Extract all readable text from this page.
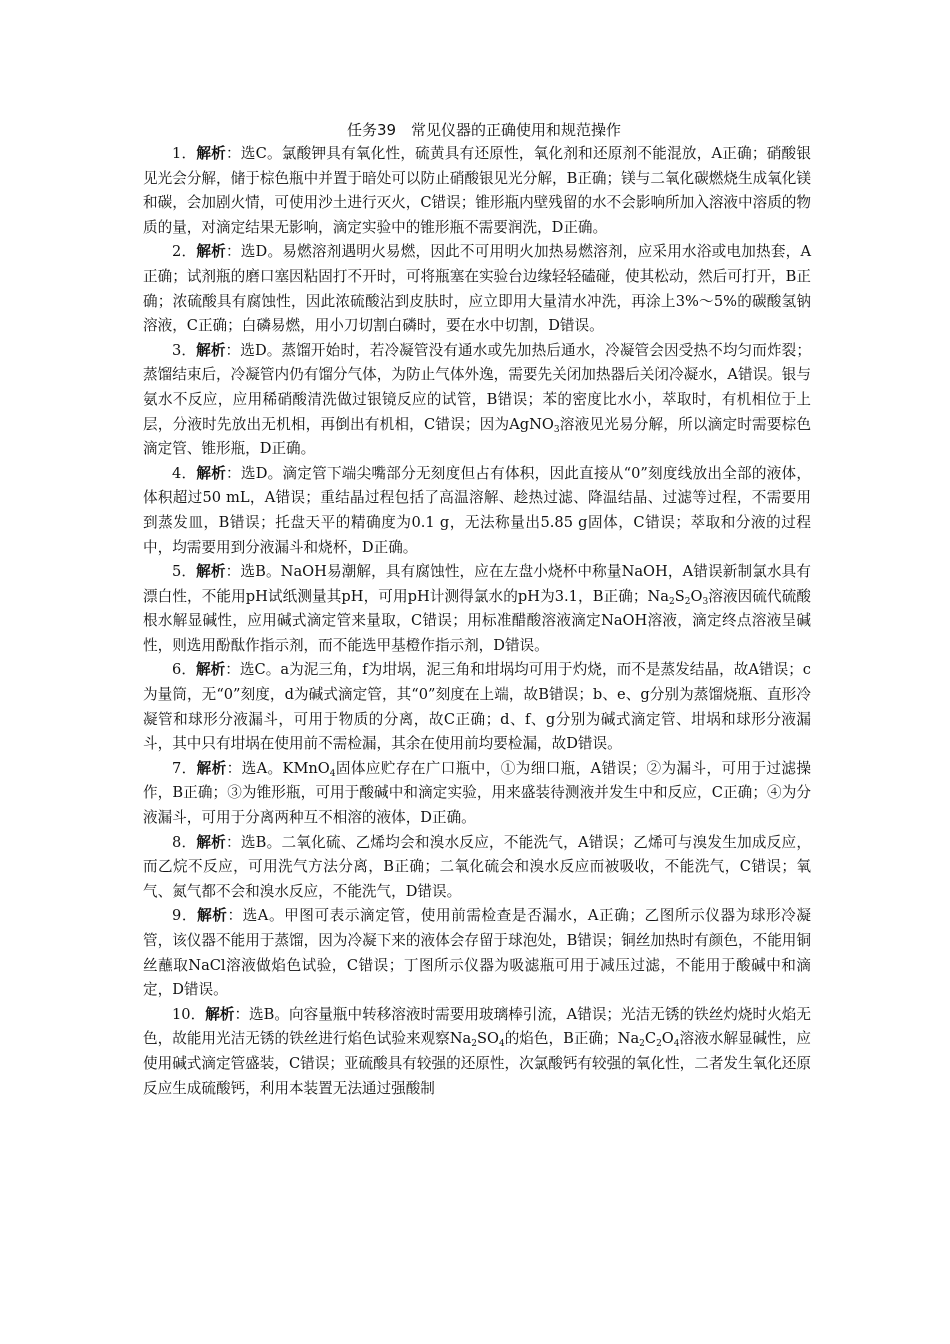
任务39　常见仪器的正确使用和规范操作

1．解析：选C。氯酸钾具有氧化性，硫黄具有还原性，氧化剂和还原剂不能混放，A正确；硝酸银见光会分解，储于棕色瓶中并置于暗处可以防止硝酸银见光分解，B正确；镁与二氧化碳燃烧生成氧化镁和碳，会加剧火情，可使用沙土进行灭火，C错误；锥形瓶内壁残留的水不会影响所加入溶液中溶质的物质的量，对滴定结果无影响，滴定实验中的锥形瓶不需要润洗，D正确。

2．解析：选D。易燃溶剂遇明火易燃，因此不可用明火加热易燃溶剂，应采用水浴或电加热套，A正确；试剂瓶的磨口塞因粘固打不开时，可将瓶塞在实验台边缘轻轻磕碰，使其松动，然后可打开，B正确；浓硫酸具有腐蚀性，因此浓硫酸沾到皮肤时，应立即用大量清水冲洗，再涂上3%～5%的碳酸氢钠溶液，C正确；白磷易燃，用小刀切割白磷时，要在水中切割，D错误。

3．解析：选D。蒸馏开始时，若冷凝管没有通水或先加热后通水，冷凝管会因受热不均匀而炸裂；蒸馏结束后，冷凝管内仍有馏分气体，为防止气体外逸，需要先关闭加热器后关闭冷凝水，A错误。银与氨水不反应，应用稀硝酸清洗做过银镜反应的试管，B错误；苯的密度比水小，萃取时，有机相位于上层，分液时先放出无机相，再倒出有机相，C错误；因为AgNO$_3$溶液见光易分解，所以滴定时需要棕色滴定管、锥形瓶，D正确。

4．解析：选D。滴定管下端尖嘴部分无刻度但占有体积，因此直接从“0”刻度线放出全部的液体，体积超过50 mL，A错误；重结晶过程包括了高温溶解、趁热过滤、降温结晶、过滤等过程，不需要用到蒸发皿，B错误；托盘天平的精确度为0.1 g，无法称量出5.85 g固体，C错误；萃取和分液的过程中，均需要用到分液漏斗和烧杯，D正确。

5．解析：选B。NaOH易潮解，具有腐蚀性，应在左盘小烧杯中称量NaOH，A错误新制氯水具有漂白性，不能用pH试纸测量其pH，可用pH计测得氯水的pH为3.1，B正确；$Na_2S_2O_3$溶液因硫代硫酸根水解显碱性，应用碱式滴定管来量取，C错误；用标准醋酸溶液滴定NaOH溶液，滴定终点溶液呈碱性，则选用酚酞作指示剂，而不能选甲基橙作指示剂，D错误。

6．解析：选C。a为泥三角，f为坩埚，泥三角和坩埚均可用于灼烧，而不是蒸发结晶，故A错误；c为量筒，无“0”刻度，d为碱式滴定管，其“0”刻度在上端，故B错误；b、e、g分别为蒸馏烧瓶、直形冷凝管和球形分液漏斗，可用于物质的分离，故C正确；d、f、g分别为碱式滴定管、坩埚和球形分液漏斗，其中只有坩埚在使用前不需检漏，其余在使用前均要检漏，故D错误。

7．解析：选A。KMnO$_4$固体应贮存在广口瓶中，①为细口瓶，A错误；②为漏斗，可用于过滤操作，B正确；③为锥形瓶，可用于酸碱中和滴定实验，用来盛装待测液并发生中和反应，C正确；④为分液漏斗，可用于分离两种互不相溶的液体，D正确。

8．解析：选B。二氧化硫、乙烯均会和溴水反应，不能洗气，A错误；乙烯可与溴发生加成反应，而乙烷不反应，可用洗气方法分离，B正确；二氧化硫会和溴水反应而被吸收，不能洗气，C错误；氧气、氮气都不会和溴水反应，不能洗气，D错误。

9．解析：选A。甲图可表示滴定管，使用前需检查是否漏水，A正确；乙图所示仪器为球形冷凝管，该仪器不能用于蒸馏，因为冷凝下来的液体会存留于球泡处，B错误；铜丝加热时有颜色，不能用铜丝蘸取NaCl溶液做焰色试验，C错误；丁图所示仪器为吸滤瓶可用于减压过滤，不能用于酸碱中和滴定，D错误。

10．解析：选B。向容量瓶中转移溶液时需要用玻璃棒引流，A错误；光洁无锈的铁丝灼烧时火焰无色，故能用光洁无锈的铁丝进行焰色试验来观察$Na_2SO_4$的焰色，B正确；$Na_2C_2O_4$溶液水解显碱性，应使用碱式滴定管盛装，C错误；亚硫酸具有较强的还原性，次氯酸钙有较强的氧化性，二者发生氧化还原反应生成硫酸钙，利用本装置无法通过强酸制
